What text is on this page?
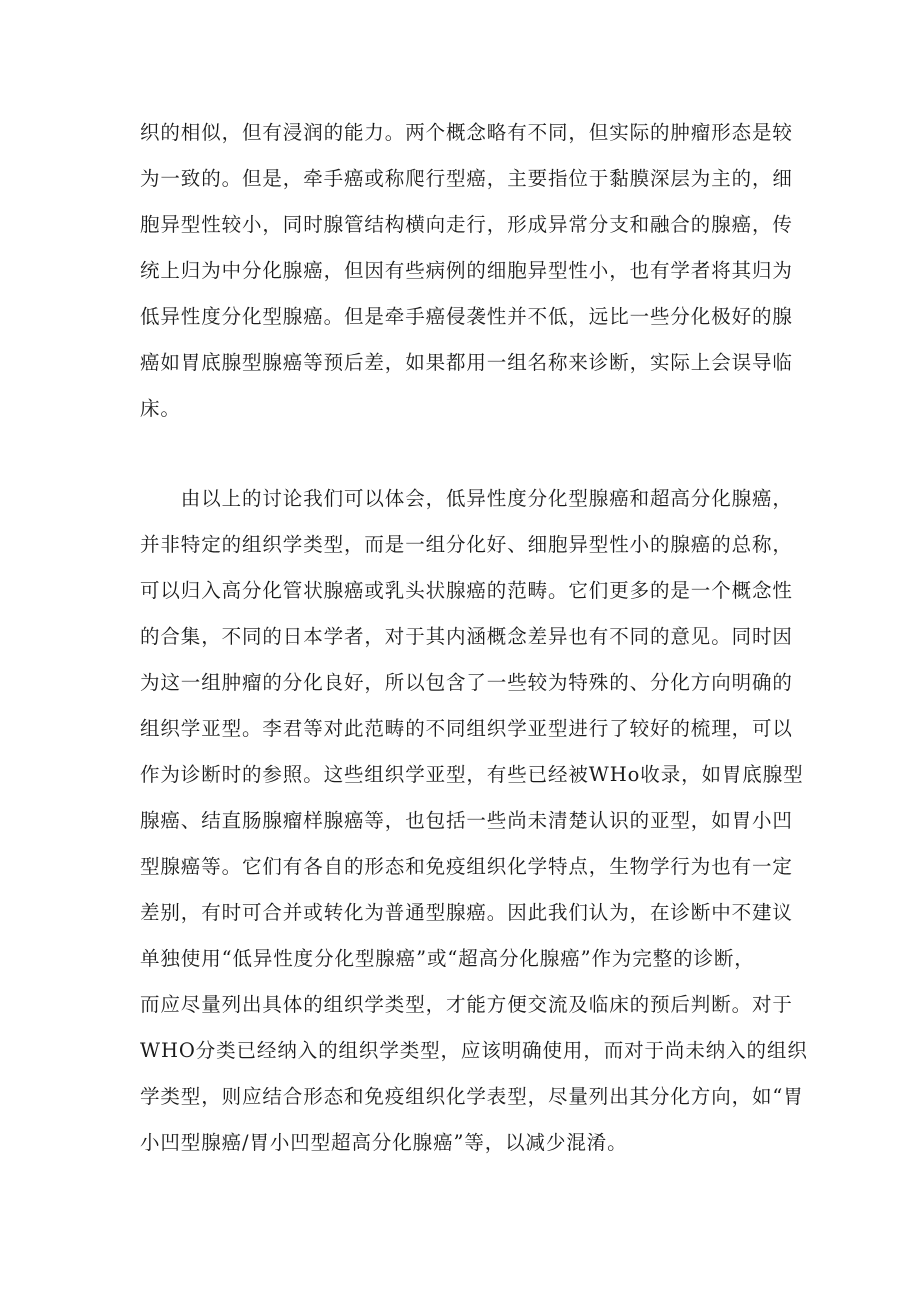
织的相似，但有浸润的能力。两个概念略有不同，但实际的肿瘤形态是较
为一致的。但是，牵手癌或称爬行型癌，主要指位于黏膜深层为主的，细
胞异型性较小，同时腺管结构横向走行，形成异常分支和融合的腺癌，传
统上归为中分化腺癌，但因有些病例的细胞异型性小，也有学者将其归为
低异性度分化型腺癌。但是牵手癌侵袭性并不低，远比一些分化极好的腺
癌如胃底腺型腺癌等预后差，如果都用一组名称来诊断，实际上会误导临
床。

　　由以上的讨论我们可以体会，低异性度分化型腺癌和超高分化腺癌，
并非特定的组织学类型，而是一组分化好、细胞异型性小的腺癌的总称，
可以归入高分化管状腺癌或乳头状腺癌的范畴。它们更多的是一个概念性
的合集，不同的日本学者，对于其内涵概念差异也有不同的意见。同时因
为这一组肿瘤的分化良好，所以包含了一些较为特殊的、分化方向明确的
组织学亚型。李君等对此范畴的不同组织学亚型进行了较好的梳理，可以
作为诊断时的参照。这些组织学亚型，有些已经被WHo收录，如胃底腺型
腺癌、结直肠腺瘤样腺癌等，也包括一些尚未清楚认识的亚型，如胃小凹
型腺癌等。它们有各自的形态和免疫组织化学特点，生物学行为也有一定
差别，有时可合并或转化为普通型腺癌。因此我们认为，在诊断中不建议
单独使用“低异性度分化型腺癌”或“超高分化腺癌”作为完整的诊断，
而应尽量列出具体的组织学类型，才能方便交流及临床的预后判断。对于
WHO分类已经纳入的组织学类型，应该明确使用，而对于尚未纳入的组织
学类型，则应结合形态和免疫组织化学表型，尽量列出其分化方向，如“胃
小凹型腺癌/胃小凹型超高分化腺癌”等，以减少混淆。
